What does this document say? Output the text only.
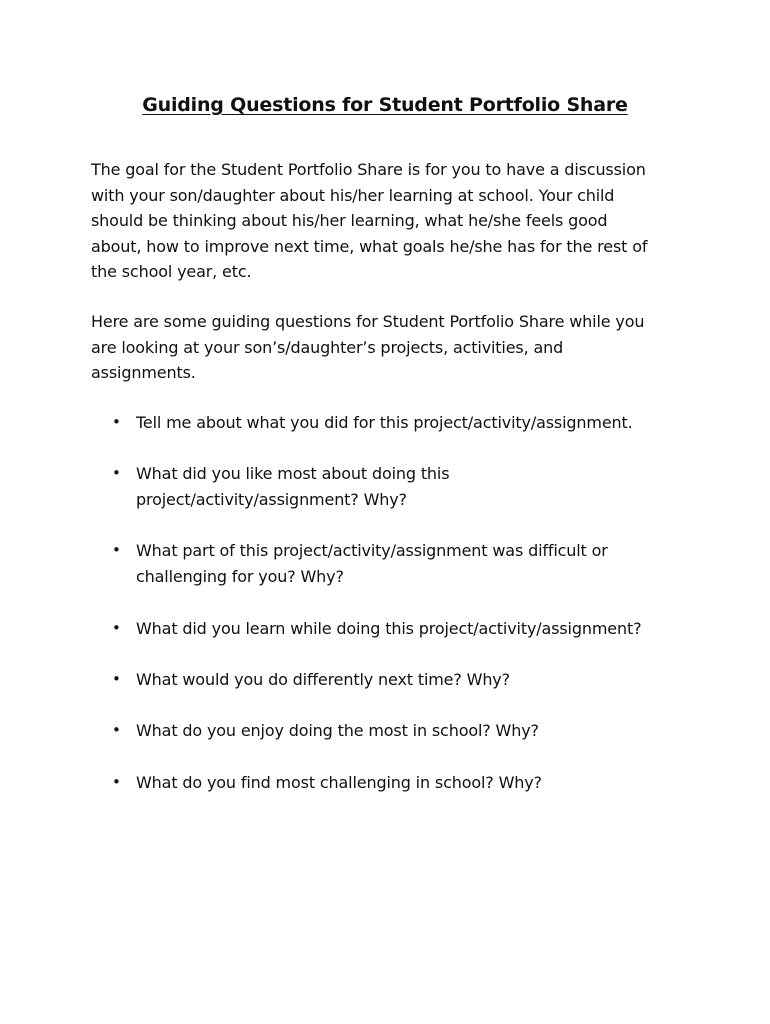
Guiding Questions for Student Portfolio Share

The goal for the Student Portfolio Share is for you to have a discussion
with your son/daughter about his/her learning at school. Your child
should be thinking about his/her learning, what he/she feels good
about, how to improve next time, what goals he/she has for the rest of
the school year, etc.

Here are some guiding questions for Student Portfolio Share while you
are looking at your son’s/daughter’s projects, activities, and
assignments.

• Tell me about what you did for this project/activity/assignment.
• What did you like most about doing this
project/activity/assignment? Why?
• What part of this project/activity/assignment was difficult or
challenging for you? Why?
• What did you learn while doing this project/activity/assignment?
• What would you do differently next time? Why?
• What do you enjoy doing the most in school? Why?
• What do you find most challenging in school? Why?
